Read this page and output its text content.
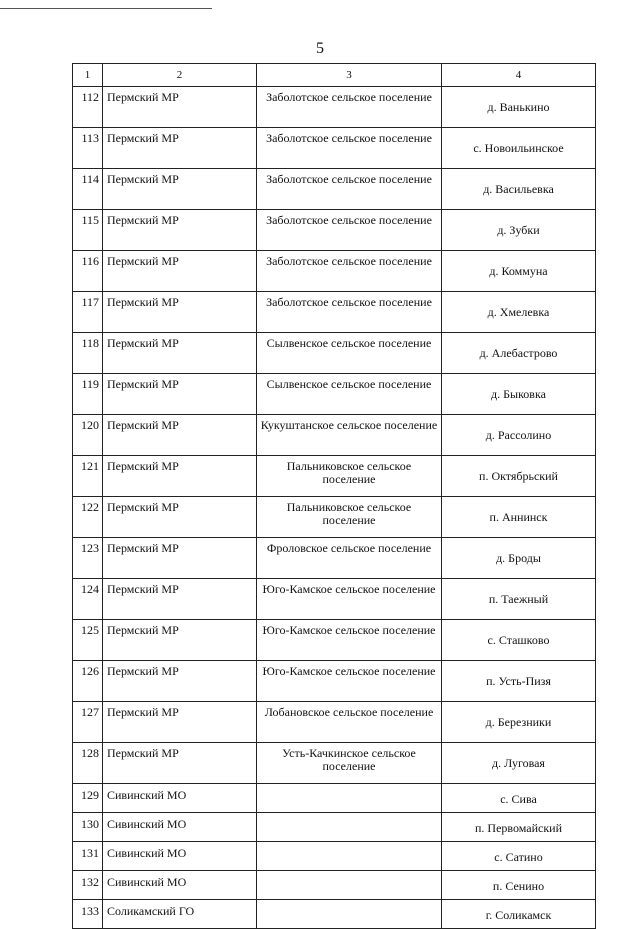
5
1	2	3	4
112	Пермский МР	Заболотское сельское поселение	д. Ванькино
113	Пермский МР	Заболотское сельское поселение	с. Новоильинское
114	Пермский МР	Заболотское сельское поселение	д. Васильевка
115	Пермский МР	Заболотское сельское поселение	д. Зубки
116	Пермский МР	Заболотское сельское поселение	д. Коммуна
117	Пермский МР	Заболотское сельское поселение	д. Хмелевка
118	Пермский МР	Сылвенское сельское поселение	д. Алебастрово
119	Пермский МР	Сылвенское сельское поселение	д. Быковка
120	Пермский МР	Кукуштанское сельское поселение	д. Рассолино
121	Пермский МР	Пальниковское сельское поселение	п. Октябрьский
122	Пермский МР	Пальниковское сельское поселение	п. Аннинск
123	Пермский МР	Фроловское сельское поселение	д. Броды
124	Пермский МР	Юго-Камское сельское поселение	п. Таежный
125	Пермский МР	Юго-Камское сельское поселение	с. Сташково
126	Пермский МР	Юго-Камское сельское поселение	п. Усть-Пизя
127	Пермский МР	Лобановское сельское поселение	д. Березники
128	Пермский МР	Усть-Качкинское сельское поселение	д. Луговая
129	Сивинский МО		с. Сива
130	Сивинский МО		п. Первомайский
131	Сивинский МО		с. Сатино
132	Сивинский МО		п. Сенино
133	Соликамский ГО		г. Соликамск
